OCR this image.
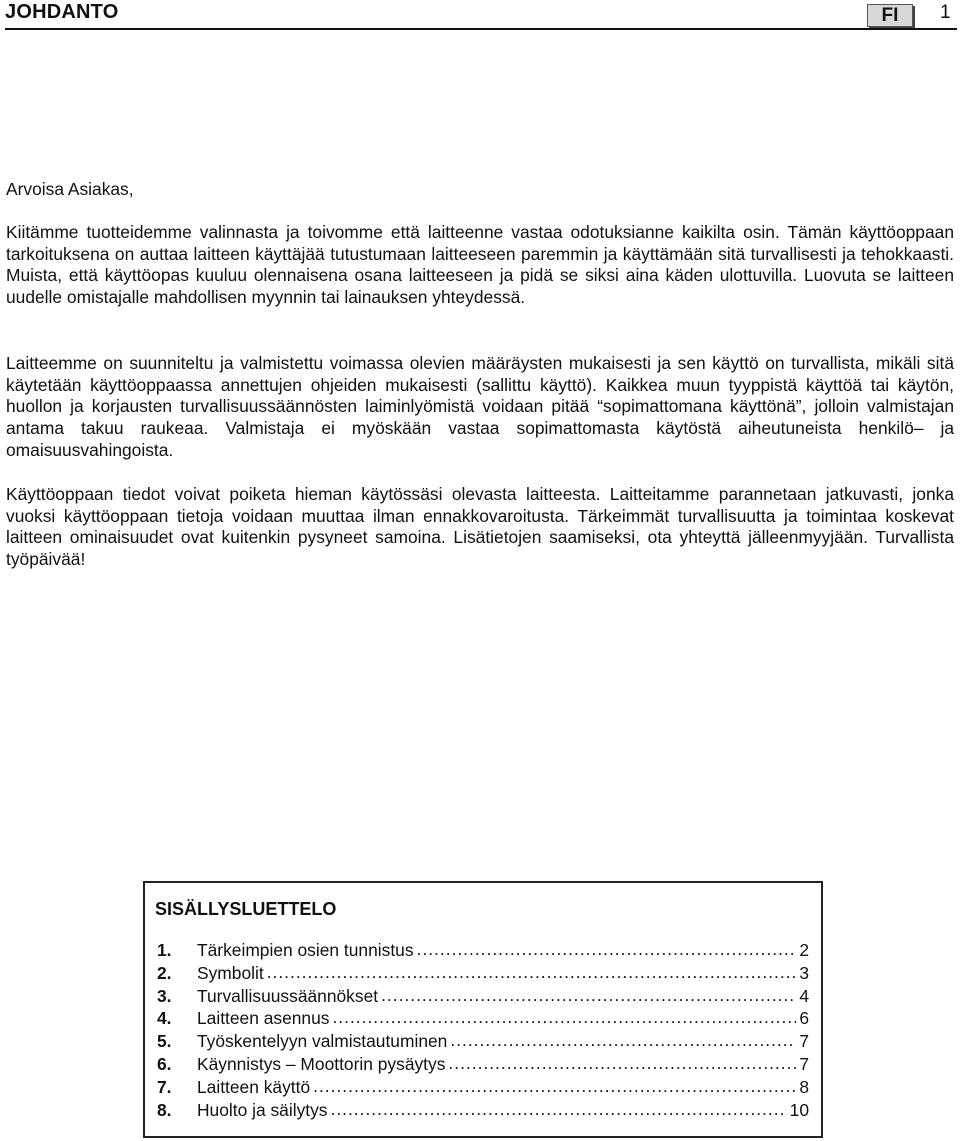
JOHDANTO	FI	1
Arvoisa Asiakas,

Kiitämme tuotteidemme valinnasta ja toivomme että laitteenne vastaa odotuksianne kaikilta osin. Tämän käyttöoppaan tarkoituksena on auttaa laitteen käyttäjää tutustumaan laitteeseen paremmin ja käyttämään sitä turvallisesti ja tehokkaasti. Muista, että käyttöopas kuuluu olennaisena osana laitteeseen ja pidä se siksi aina käden ulottuvilla. Luovuta se laitteen uudelle omistajalle mahdollisen myynnin tai lainauksen yhteydessä.

Laitteemme on suunniteltu ja valmistettu voimassa olevien määräysten mukaisesti ja sen käyttö on turvallista, mikäli sitä käytetään käyttöoppaassa annettujen ohjeiden mukaisesti (sallittu käyttö). Kaikkea muun tyyppistä käyttöä tai käytön, huollon ja korjausten turvallisuussäännösten laiminlyömistä voidaan pitää “sopimattomana käyttönä”, jolloin valmistajan antama takuu raukeaa. Valmistaja ei myöskään vastaa sopimattomasta käytöstä aiheutuneista henkilö– ja omaisuusvahingoista.

Käyttöoppaan tiedot voivat poiketa hieman käytössäsi olevasta laitteesta. Laitteitamme parannetaan jatkuvasti, jonka vuoksi käyttöoppaan tietoja voidaan muuttaa ilman ennakkovaroitusta. Tärkeimmät turvallisuutta ja toimintaa koskevat laitteen ominaisuudet ovat kuitenkin pysyneet samoina. Lisätietojen saamiseksi, ota yhteyttä jälleenmyyjään. Turvallista työpäivää!

SISÄLLYSLUETTELO
1.	Tärkeimpien osien tunnistus .....	2
2.	Symbolit .....	3
3.	Turvallisuussäännökset .....	4
4.	Laitteen asennus .....	6
5.	Työskentelyyn valmistautuminen .....	7
6.	Käynnistys – Moottorin pysäytys .....	7
7.	Laitteen käyttö .....	8
8.	Huolto ja säilytys .....	10
